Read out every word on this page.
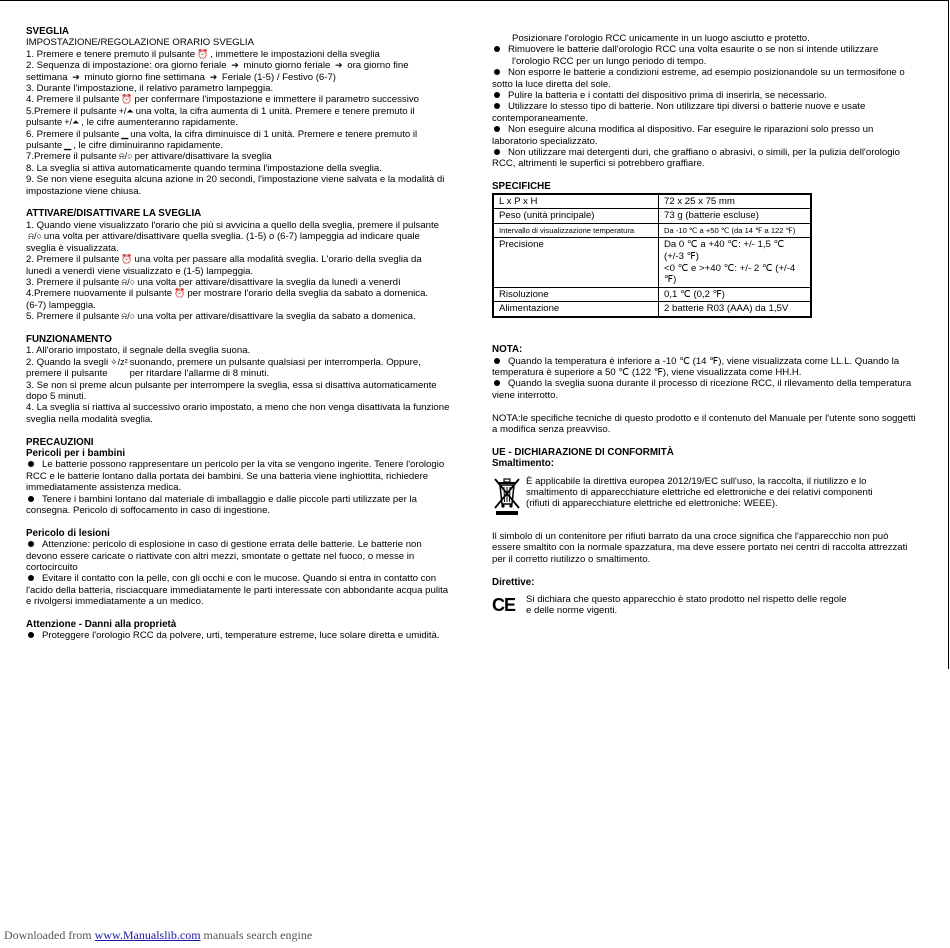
SVEGLIA
IMPOSTAZIONE/REGOLAZIONE ORARIO SVEGLIA
1. Premere e tenere premuto il pulsante ⏰ , immettere le impostazioni della sveglia
2. Sequenza di impostazione: ora giorno feriale ➔ minuto giorno feriale ➔ ora giorno fine
settimana ➔ minuto giorno fine settimana ➔ Feriale (1-5) / Festivo (6-7)
3. Durante l'impostazione, il relativo parametro lampeggia.
4. Premere il pulsante ⏰ per confermare l'impostazione e immettere il parametro successivo
5.Premere il pulsante +/⏶ una volta, la cifra aumenta di 1 unità. Premere e tenere premuto il
pulsante +/⏶ , le cifre aumenteranno rapidamente.
6. Premere il pulsante ▁ una volta, la cifra diminuisce di 1 unità. Premere e tenere premuto il
pulsante ▁ , le cifre diminuiranno rapidamente.
7.Premere il pulsante ⍾/○ per attivare/disattivare la sveglia
8. La sveglia si attiva automaticamente quando termina l'impostazione della sveglia.
9. Se non viene eseguita alcuna azione in 20 secondi, l'impostazione viene salvata e la modalità di
impostazione viene chiusa.
ATTIVARE/DISATTIVARE LA SVEGLIA
1. Quando viene visualizzato l'orario che più si avvicina a quello della sveglia, premere il pulsante
⍾/○ una volta per attivare/disattivare quella sveglia. (1-5) o (6-7) lampeggia ad indicare quale
sveglia è visualizzata.
2. Premere il pulsante ⏰ una volta per passare alla modalità sveglia. L'orario della sveglia da
lunedì a venerdì viene visualizzato e (1-5) lampeggia.
3. Premere il pulsante ⍾/○ una volta per attivare/disattivare la sveglia da lunedì a venerdì
4.Premere nuovamente il pulsante ⏰ per mostrare l'orario della sveglia da sabato a domenica.
(6-7) lampeggia.
5. Premere il pulsante ⍾/○ una volta per attivare/disattivare la sveglia da sabato a domenica.
FUNZIONAMENTO
1. All'orario impostato, il segnale della sveglia suona.
2. Quando la svegli ✧/z² suonando, premere un pulsante qualsiasi per interromperla. Oppure,
premere il pulsante per ritardare l'allarme di 8 minuti.
3. Se non si preme alcun pulsante per interrompere la sveglia, essa si disattiva automaticamente
dopo 5 minuti.
4. La sveglia si riattiva al successivo orario impostato, a meno che non venga disattivata la funzione
sveglia nella modalità sveglia.
PRECAUZIONI
Pericoli per i bambini
Le batterie possono rappresentare un pericolo per la vita se vengono ingerite. Tenere l'orologio
RCC e le batterie lontano dalla portata dei bambini. Se una batteria viene inghiottita, richiedere
immediatamente assistenza medica.
Tenere i bambini lontano dal materiale di imballaggio e dalle piccole parti utilizzate per la
consegna. Pericolo di soffocamento in caso di ingestione.
Pericolo di lesioni
Attenzione: pericolo di esplosione in caso di gestione errata delle batterie. Le batterie non
devono essere caricate o riattivate con altri mezzi, smontate o gettate nel fuoco, o messe in
cortocircuito
Evitare il contatto con la pelle, con gli occhi e con le mucose. Quando si entra in contatto con
l'acido della batteria, risciacquare immediatamente le parti interessate con abbondante acqua pulita
e rivolgersi immediatamente a un medico.
Attenzione - Danni alla proprietà
Proteggere l'orologio RCC da polvere, urti, temperature estreme, luce solare diretta e umidità.
Posizionare l'orologio RCC unicamente in un luogo asciutto e protetto.
Rimuovere le batterie dall'orologio RCC una volta esaurite o se non si intende utilizzare
l'orologio RCC per un lungo periodo di tempo.
Non esporre le batterie a condizioni estreme, ad esempio posizionandole su un termosifone o
sotto la luce diretta del sole.
Pulire la batteria e i contatti del dispositivo prima di inserirla, se necessario.
Utilizzare lo stesso tipo di batterie. Non utilizzare tipi diversi o batterie nuove e usate
contemporaneamente.
Non eseguire alcuna modifica al dispositivo. Far eseguire le riparazioni solo presso un
laboratorio specializzato.
Non utilizzare mai detergenti duri, che graffiano o abrasivi, o simili, per la pulizia dell'orologio
RCC, altrimenti le superfici si potrebbero graffiare.
SPECIFICHE
L x P x H	72 x 25 x 75 mm
Peso (unità principale)	73 g (batterie escluse)
Intervallo di visualizzazione temperatura	Da -10 ℃ a +50 ℃ (da 14 ℉ a 122 ℉)
Precisione	Da 0 ℃ a +40 ℃: +/- 1,5 ℃ (+/-3 ℉)
<0 ℃ e >+40 ℃: +/- 2 ℃ (+/-4 ℉)

Risoluzione	0,1 ℃ (0,2 ℉)
Alimentazione	2 batterie R03 (AAA) da 1,5V
NOTA:
Quando la temperatura è inferiore a -10 ℃ (14 ℉), viene visualizzata come LL.L. Quando la
temperatura è superiore a 50 ℃ (122 ℉), viene visualizzata come HH.H.
Quando la sveglia suona durante il processo di ricezione RCC, il rilevamento della temperatura
viene interrotto.
NOTA:le specifiche tecniche di questo prodotto e il contenuto del Manuale per l'utente sono soggetti
a modifica senza preavviso.
UE - DICHIARAZIONE DI CONFORMITÀ
Smaltimento:
È applicabile la direttiva europea 2012/19/EC sull'uso, la raccolta, il riutilizzo e lo
smaltimento di apparecchiature elettriche ed elettroniche e dei relativi componenti
(rifiuti di apparecchiature elettriche ed elettroniche: WEEE).
Il simbolo di un contenitore per rifiuti barrato da una croce significa che l'apparecchio non può
essere smaltito con la normale spazzatura, ma deve essere portato nei centri di raccolta attrezzati
per il corretto riutilizzo o smaltimento.
Direttive:
CE	Si dichiara che questo apparecchio è stato prodotto nel rispetto delle regole
e delle norme vigenti.
Downloaded from www.Manualslib.com manuals search engine
